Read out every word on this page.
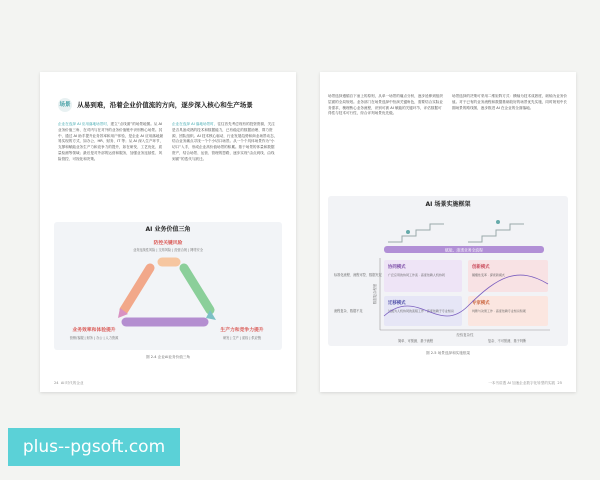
场景 从易到难，沿着企业价值流的方向，逐步深入核心和生产场景

企业在选择 AI 应用落地场景时，建立“点线面”的场景地图。从 AI 业务价值三角、在对内与在对外的业务价值链中识别核心场景。其中，通过 AI 助手提升业务效率和用户体验，是企业 AI 应用落地最易实现的方式，如办公、HR、财务、IT 等；从 AI 深入生产环节，支撑和赋能业务生产力和竞争力的提升，如在研发、工艺优化、质量检测等领域；最后是对外部的运营和服务，加强业务连续性、风险管控、可视化和决策。

企业在选择 AI 落地场景时，往往首先考虑现有的投资资源，关注是否具备成熟的技术和数据能力，已有稳定的数据治理、算力资源、团队组织。AI 技术核心驱动，行业发展趋势和商业场景动态，结合业务痛点寻找一个个小切口场景。从一个个具体场景作为“小切口”入手，形成企业高价值场景的积累。基于场景的体量和数据资产，结合场景、运营、管理的思路，逐步实现“由点到线、由线到面”的迭代与跃迁。

AI 业务价值三角
防控关键风险
业务连续性风险 | 交易风险 | 经营合规 | 网络安全
业务效率和体验提升
营销/客服 | 财务 | 办公 | 人力资源
生产力和竞争力提升
研发 | 生产 | 质检 | 供应链
图 2-4 企业AI业务价值三角
24 AI 时代的企业

场景选择遵循自下而上的原则，从单一场景的痛点分析，逐步延伸到组织层面的全局规划。业务部门在场景选择中扮演关键角色，需要结合实际业务需求，梳理核心业务流程，识别可被 AI 赋能的关键环节，评估数据可得性与技术可行性，综合评判场景优先级。

场景选择的决策可采用二维矩阵方式：横轴为技术成熟度，纵轴为业务价值。对于已有的业务流程和数据基础较好的场景优先实施，同时规划中长期场景的路线图，逐步推进 AI 在企业的全面落地。

AI 场景实施框架
赋能、渗透业务全流程
数据复杂程度
经验复杂性
标准化流程、流程可控、数据充足
流程复杂、数据不足
协同模式
广泛应用的协同工作流 · 高度依赖人机协同
创新模式
颠覆性变革 · 探索新模式
迁移模式
过渡为人机协同的流程工作 · 高度依赖于专业知识
专家模式
判断与决策工作 · 高度依赖专业知识积累
简单、可预测、基于流程	复杂、不可预测、基于判断
图 2-5 场景选择和实施框架
一本书讲透 AI 加速企业数字化转型的实践 25
plus--pgsoft.com
